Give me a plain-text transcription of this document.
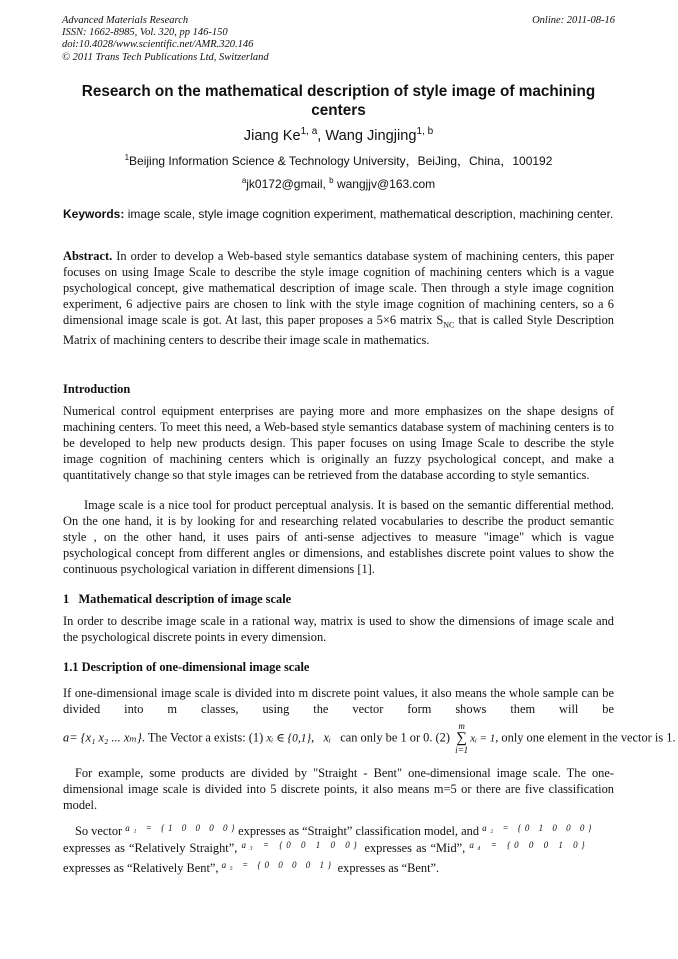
Advanced Materials Research
ISSN: 1662-8985, Vol. 320, pp 146-150
doi:10.4028/www.scientific.net/AMR.320.146
© 2011 Trans Tech Publications Ltd, Switzerland
Online: 2011-08-16
Research on the mathematical description of style image of machining centers
Jiang Ke$^{1, a}$, Wang Jingjing$^{1, b}$
$^1$Beijing Information Science & Technology University，BeiJing，China，100192
$^a$jk0172@gmail, $^b$ wangjjv@163.com
Keywords: image scale, style image cognition experiment, mathematical description, machining center.
Abstract. In order to develop a Web-based style semantics database system of machining centers, this paper focuses on using Image Scale to describe the style image cognition of machining centers which is a vague psychological concept, give mathematical description of image scale. Then through a style image cognition experiment, 6 adjective pairs are chosen to link with the style image cognition of machining centers, so a 6 dimensional image scale is got. At last, this paper proposes a 5×6 matrix $S_{NC}$ that is called Style Description Matrix of machining centers to describe their image scale in mathematics.
Introduction
Numerical control equipment enterprises are paying more and more emphasizes on the shape designs of machining centers. To meet this need, a Web-based style semantics database system of machining centers is to be developed to help new products design. This paper focuses on using Image Scale to describe the style image cognition of machining centers which is originally an fuzzy psychological concept, and make a quantitatively change so that style images can be retrieved from the database according to style semantics.
Image scale is a nice tool for product perceptual analysis. It is based on the semantic differential method. On the one hand, it is by looking for and researching related vocabularies to describe the product semantic style , on the other hand, it uses pairs of anti-sense adjectives to measure "image" which is vague psychological concept from different angles or dimensions, and establishes discrete point values to show the continuous psychological variation in different dimensions [1].
1   Mathematical description of image scale
In order to describe image scale in a rational way, matrix is used to show the dimensions of image scale and the psychological discrete points in every dimension.
1.1 Description of one-dimensional image scale
If one-dimensional image scale is divided into m discrete point values, it also means the whole sample can be divided into m classes, using the vector form shows them will be
a= {x₁ x₂ ... xₘ}. The Vector a exists: (1) xᵢ ∈ {0,1},   xᵢ   can only be 1 or 0. (2)
m
∑
i=1
xᵢ = 1, only one element in the vector is 1.
For example, some products are divided by "Straight - Bent" one-dimensional image scale. The one-dimensional image scale is divided into 5 discrete points, it also means m=5 or there are five classification model.
So vector $^{a_1 = \{1 0 0 0 0\}}$expresses as “Straight” classification model, and $^{a_2 = \{0 1 0 0 0\}}$
expresses as “Relatively Straight”, $^{a_3 = \{0 0 1 0 0\}}$ expresses as “Mid”, $^{a_4 = \{0 0 0 1 0\}}$
expresses as “Relatively Bent”, $^{a_5 = \{0 0 0 0 1\}}$ expresses as “Bent”.
